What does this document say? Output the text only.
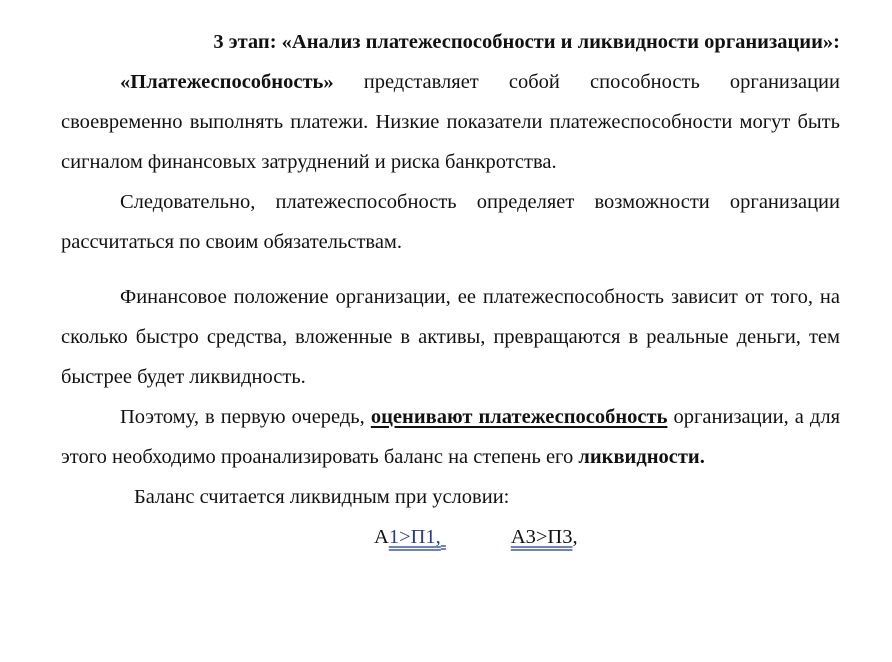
3 этап: «Анализ платежеспособности и ликвидности организации»:

«Платежеспособность» представляет собой способность организации своевременно выполнять платежи. Низкие показатели платежеспособности могут быть сигналом финансовых затруднений и риска банкротства.

Следовательно, платежеспособность определяет возможности организации рассчитаться по своим обязательствам.

Финансовое положение организации, ее платежеспособность зависит от того, на сколько быстро средства, вложенные в активы, превращаются в реальные деньги, тем быстрее будет ликвидность.

Поэтому, в первую очередь, оценивают платежеспособность организации, а для этого необходимо проанализировать баланс на степень его ликвидности.

Баланс считается ликвидным при условии:

А1>П1,	А3>П3,
